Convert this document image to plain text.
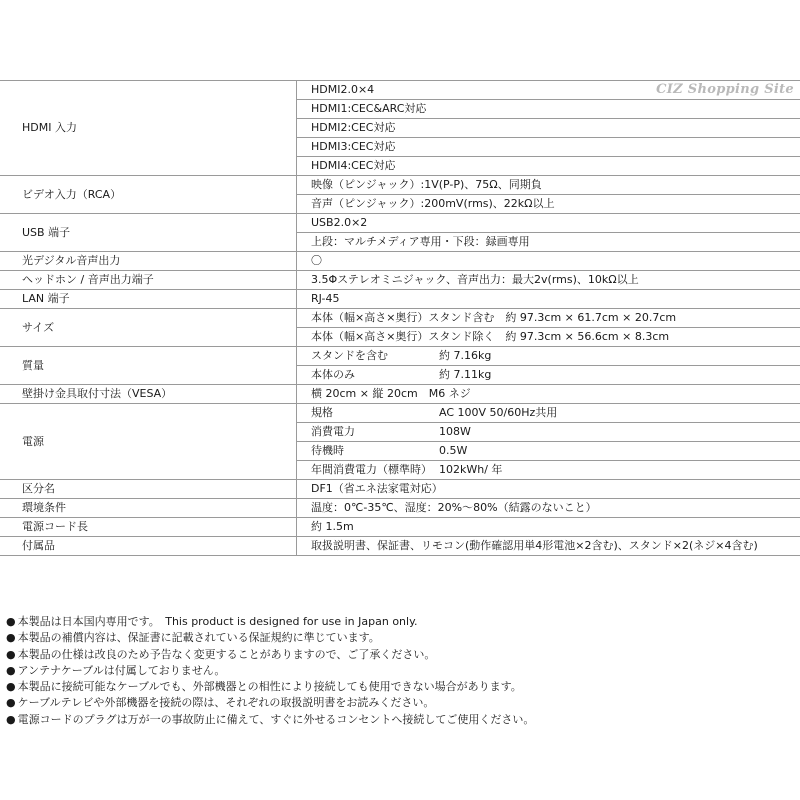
CIZ Shopping Site
HDMI 入力	HDMI2.0×4
	HDMI1:CEC&ARC対応
	HDMI2:CEC対応
	HDMI3:CEC対応
	HDMI4:CEC対応
ビデオ入力（RCA）	映像（ピンジャック）:1V(P-P)、75Ω、同期負
	音声（ピンジャック）:200mV(rms)、22kΩ以上
USB 端子	USB2.0×2
	上段：マルチメディア専用・下段：録画専用
光デジタル音声出力	〇
ヘッドホン / 音声出力端子	3.5Φステレオミニジャック、音声出力：最大2v(rms)、10kΩ以上
LAN 端子	RJ-45
サイズ	本体（幅×高さ×奥行）スタンド含む　約 97.3cm × 61.7cm × 20.7cm
	本体（幅×高さ×奥行）スタンド除く　約 97.3cm × 56.6cm × 8.3cm
質量	スタンドを含む 約 7.16kg
	本体のみ 約 7.11kg
壁掛け金具取付寸法（VESA）	横 20cm × 縦 20cm　M6 ネジ
電源	規格 AC 100V 50/60Hz共用
	消費電力 108W
	待機時 0.5W
	年間消費電力（標準時） 102kWh/ 年
区分名	DF1（省エネ法家電対応）
環境条件	温度：0℃-35℃、湿度：20%～80%（結露のないこと）
電源コード長	約 1.5m
付属品	取扱説明書、保証書、リモコン(動作確認用単4形電池×2含む)、スタンド×2(ネジ×4含む)
● 本製品は日本国内専用です。　This product is designed for use in Japan only.
● 本製品の補償内容は、保証書に記載されている保証規約に準じています。
● 本製品の仕様は改良のため予告なく変更することがありますので、ご了承ください。
● アンテナケーブルは付属しておりません。
● 本製品に接続可能なケーブルでも、外部機器との相性により接続しても使用できない場合があります。
● ケーブルテレビや外部機器を接続の際は、それぞれの取扱説明書をお読みください。
● 電源コードのプラグは万が一の事故防止に備えて、すぐに外せるコンセントへ接続してご使用ください。
